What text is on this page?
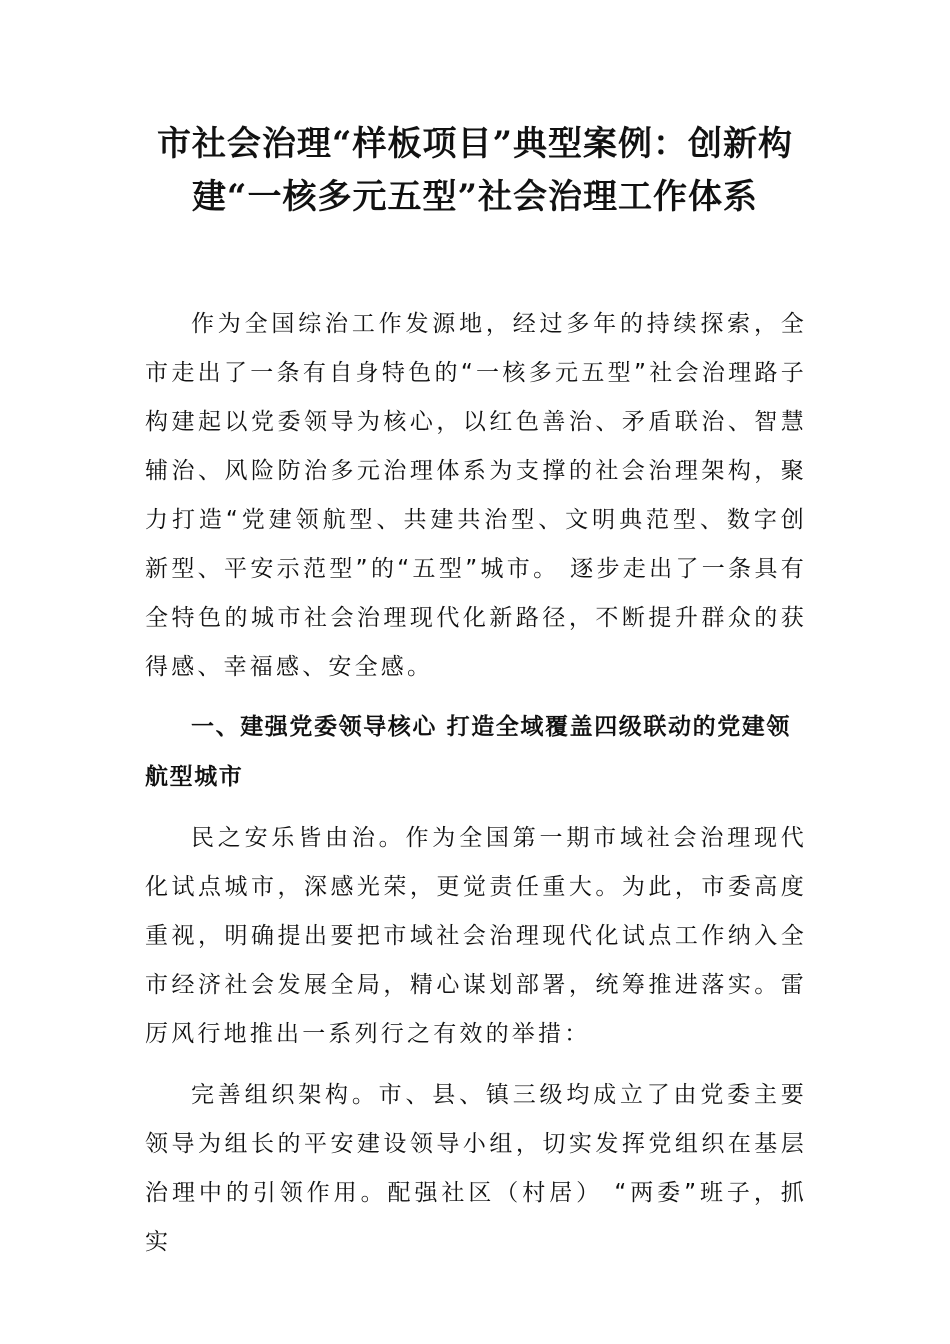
市社会治理“样板项目”典型案例：创新构建“一核多元五型”社会治理工作体系

作为全国综治工作发源地，经过多年的持续探索，全市走出了一条有自身特色的“一核多元五型”社会治理路子构建起以党委领导为核心，以红色善治、矛盾联治、智慧辅治、风险防治多元治理体系为支撑的社会治理架构，聚力打造“党建领航型、共建共治型、文明典范型、数字创新型、平安示范型”的“五型”城市。 逐步走出了一条具有全特色的城市社会治理现代化新路径，不断提升群众的获得感、幸福感、安全感。

一、建强党委领导核心 打造全域覆盖四级联动的党建领航型城市

民之安乐皆由治。作为全国第一期市域社会治理现代化试点城市，深感光荣，更觉责任重大。为此，市委高度重视，明确提出要把市域社会治理现代化试点工作纳入全市经济社会发展全局，精心谋划部署，统筹推进落实。雷厉风行地推出一系列行之有效的举措：

完善组织架构。市、县、镇三级均成立了由党委主要领导为组长的平安建设领导小组，切实发挥党组织在基层治理中的引领作用。配强社区（村居） “两委”班子，抓实
